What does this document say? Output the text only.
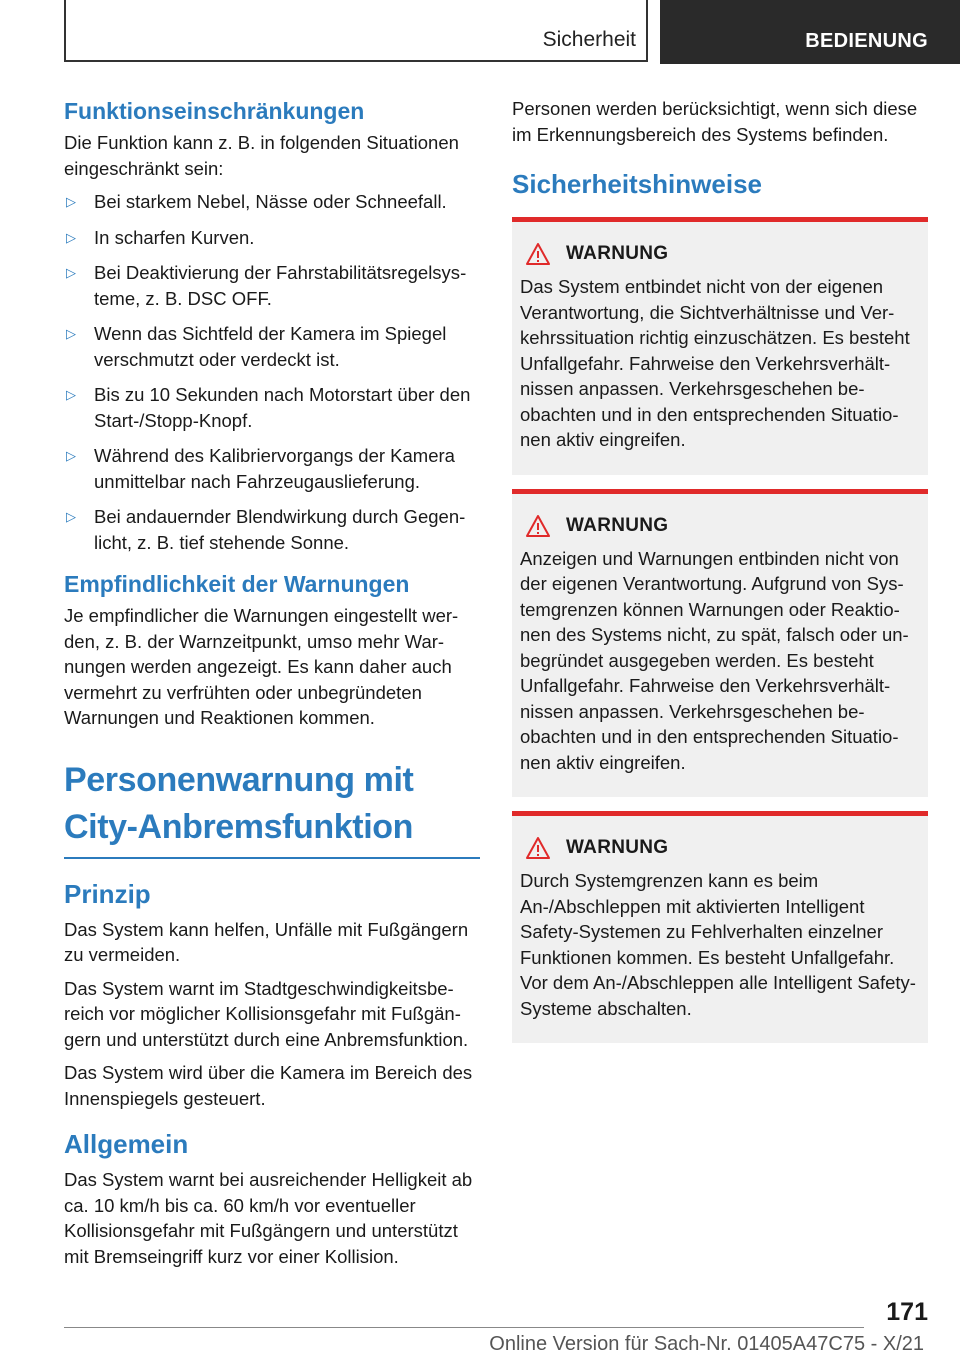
Sicherheit	BEDIENUNG
Funktionseinschränkungen

Die Funktion kann z. B. in folgenden Situationen eingeschränkt sein:

▷ Bei starkem Nebel, Nässe oder Schneefall.
▷ In scharfen Kurven.
▷ Bei Deaktivierung der Fahrstabilitätsregelsysteme, z. B. DSC OFF.
▷ Wenn das Sichtfeld der Kamera im Spiegel verschmutzt oder verdeckt ist.
▷ Bis zu 10 Sekunden nach Motorstart über den Start-/Stopp-Knopf.
▷ Während des Kalibriervorgangs der Kamera unmittelbar nach Fahrzeugauslieferung.
▷ Bei andauernder Blendwirkung durch Gegenlicht, z. B. tief stehende Sonne.
Empfindlichkeit der Warnungen

Je empfindlicher die Warnungen eingestellt werden, z. B. der Warnzeitpunkt, umso mehr Warnungen werden angezeigt. Es kann daher auch vermehrt zu verfrühten oder unbegründeten Warnungen und Reaktionen kommen.

Personenwarnung mit City-Anbremsfunktion
Prinzip

Das System kann helfen, Unfälle mit Fußgängern zu vermeiden.

Das System warnt im Stadtgeschwindigkeitsbereich vor möglicher Kollisionsgefahr mit Fußgängern und unterstützt durch eine Anbremsfunktion.

Das System wird über die Kamera im Bereich des Innenspiegels gesteuert.

Allgemein

Das System warnt bei ausreichender Helligkeit ab ca. 10 km/h bis ca. 60 km/h vor eventueller Kollisionsgefahr mit Fußgängern und unterstützt mit Bremseingriff kurz vor einer Kollision.

Personen werden berücksichtigt, wenn sich diese im Erkennungsbereich des Systems befinden.

Sicherheitshinweise
WARNUNG

Das System entbindet nicht von der eigenen Verantwortung, die Sichtverhältnisse und Verkehrssituation richtig einzuschätzen. Es besteht Unfallgefahr. Fahrweise den Verkehrsverhältnissen anpassen. Verkehrsgeschehen beobachten und in den entsprechenden Situationen aktiv eingreifen.

WARNUNG

Anzeigen und Warnungen entbinden nicht von der eigenen Verantwortung. Aufgrund von Systemgrenzen können Warnungen oder Reaktionen des Systems nicht, zu spät, falsch oder unbegründet ausgegeben werden. Es besteht Unfallgefahr. Fahrweise den Verkehrsverhältnissen anpassen. Verkehrsgeschehen beobachten und in den entsprechenden Situationen aktiv eingreifen.

WARNUNG

Durch Systemgrenzen kann es beim An-/Abschleppen mit aktivierten Intelligent Safety-Systemen zu Fehlverhalten einzelner Funktionen kommen. Es besteht Unfallgefahr. Vor dem An-/Abschleppen alle Intelligent Safety-Systeme abschalten.

171
Online Version für Sach-Nr. 01405A47C75 - X/21
